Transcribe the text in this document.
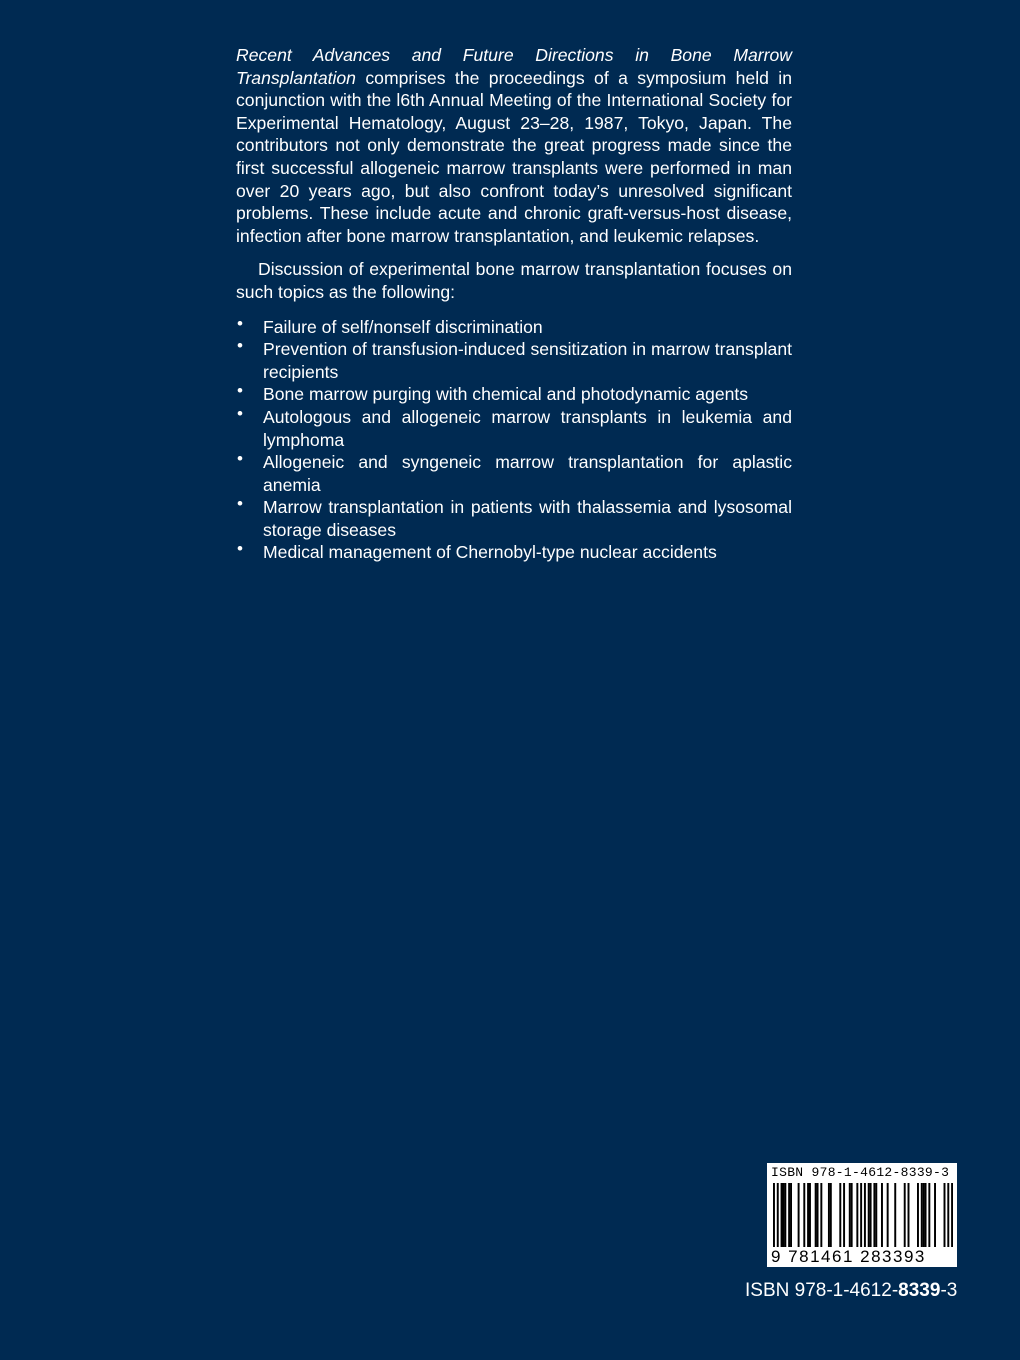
Recent Advances and Future Directions in Bone Marrow Transplantation comprises the proceedings of a symposium held in conjunction with the l6th Annual Meeting of the International Society for Experimental Hematology, August 23–28, 1987, Tokyo, Japan. The contributors not only demonstrate the great progress made since the first successful allogeneic marrow transplants were performed in man over 20 years ago, but also confront today’s unresolved significant problems. These include acute and chronic graft-versus-host disease, infection after bone marrow transplantation, and leukemic relapses.

Discussion of experimental bone marrow transplantation focuses on such topics as the following:

• Failure of self/nonself discrimination
• Prevention of transfusion-induced sensitization in marrow transplant recipients
• Bone marrow purging with chemical and photodynamic agents
• Autologous and allogeneic marrow transplants in leukemia and lymphoma
• Allogeneic and syngeneic marrow transplantation for aplastic anemia
• Marrow transplantation in patients with thalassemia and lysosomal storage diseases
• Medical management of Chernobyl-type nuclear accidents
ISBN 978-1-4612-8339-3
9 781461 283393
ISBN 978-1-4612-8339-3
